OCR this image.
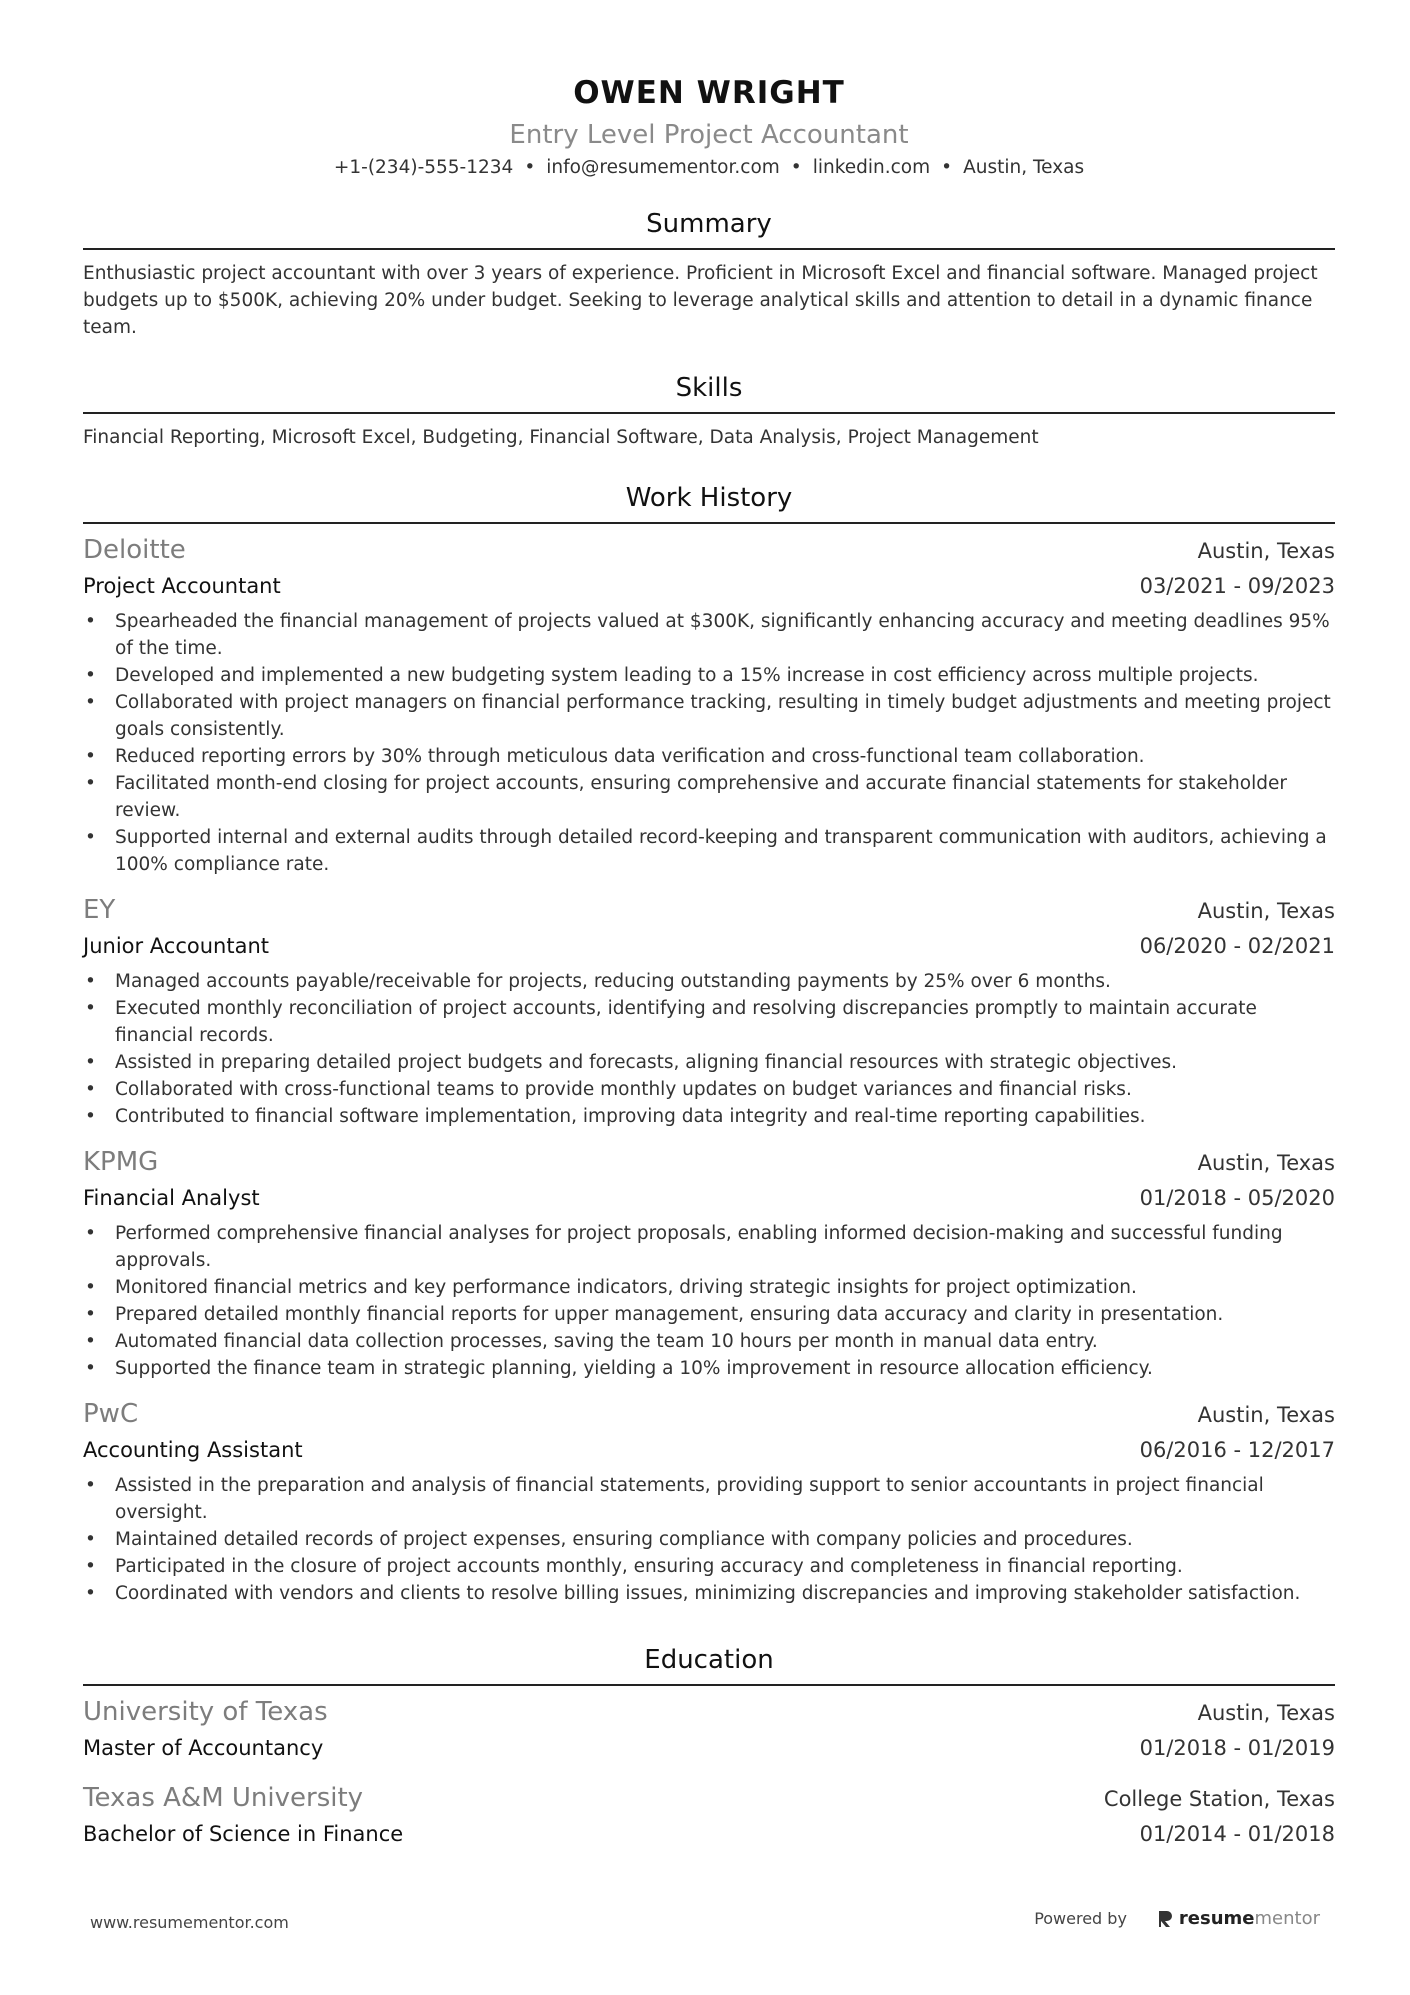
OWEN WRIGHT
Entry Level Project Accountant
+1-(234)-555-1234 • info@resumementor.com • linkedin.com • Austin, Texas
Summary
Enthusiastic project accountant with over 3 years of experience. Proficient in Microsoft Excel and financial software. Managed project budgets up to $500K, achieving 20% under budget. Seeking to leverage analytical skills and attention to detail in a dynamic finance team.
Skills
Financial Reporting, Microsoft Excel, Budgeting, Financial Software, Data Analysis, Project Management
Work History
Deloitte	Austin, Texas
Project Accountant	03/2021 - 09/2023
• Spearheaded the financial management of projects valued at $300K, significantly enhancing accuracy and meeting deadlines 95% of the time.
• Developed and implemented a new budgeting system leading to a 15% increase in cost efficiency across multiple projects.
• Collaborated with project managers on financial performance tracking, resulting in timely budget adjustments and meeting project goals consistently.
• Reduced reporting errors by 30% through meticulous data verification and cross-functional team collaboration.
• Facilitated month-end closing for project accounts, ensuring comprehensive and accurate financial statements for stakeholder review.
• Supported internal and external audits through detailed record-keeping and transparent communication with auditors, achieving a 100% compliance rate.
EY	Austin, Texas
Junior Accountant	06/2020 - 02/2021
• Managed accounts payable/receivable for projects, reducing outstanding payments by 25% over 6 months.
• Executed monthly reconciliation of project accounts, identifying and resolving discrepancies promptly to maintain accurate financial records.
• Assisted in preparing detailed project budgets and forecasts, aligning financial resources with strategic objectives.
• Collaborated with cross-functional teams to provide monthly updates on budget variances and financial risks.
• Contributed to financial software implementation, improving data integrity and real-time reporting capabilities.
KPMG	Austin, Texas
Financial Analyst	01/2018 - 05/2020
• Performed comprehensive financial analyses for project proposals, enabling informed decision-making and successful funding approvals.
• Monitored financial metrics and key performance indicators, driving strategic insights for project optimization.
• Prepared detailed monthly financial reports for upper management, ensuring data accuracy and clarity in presentation.
• Automated financial data collection processes, saving the team 10 hours per month in manual data entry.
• Supported the finance team in strategic planning, yielding a 10% improvement in resource allocation efficiency.
PwC	Austin, Texas
Accounting Assistant	06/2016 - 12/2017
• Assisted in the preparation and analysis of financial statements, providing support to senior accountants in project financial oversight.
• Maintained detailed records of project expenses, ensuring compliance with company policies and procedures.
• Participated in the closure of project accounts monthly, ensuring accuracy and completeness in financial reporting.
• Coordinated with vendors and clients to resolve billing issues, minimizing discrepancies and improving stakeholder satisfaction.
Education
University of Texas	Austin, Texas
Master of Accountancy	01/2018 - 01/2019
Texas A&M University	College Station, Texas
Bachelor of Science in Finance	01/2014 - 01/2018
www.resumementor.com	Powered by	resume mentor
